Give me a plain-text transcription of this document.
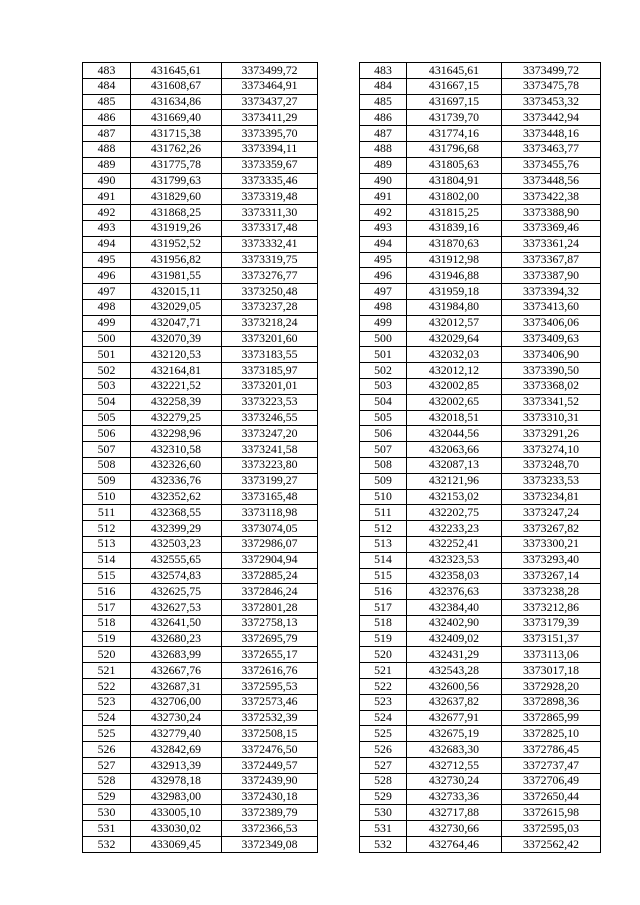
483	431645,61	3373499,72		483	431645,61	3373499,72
484	431608,67	3373464,91		484	431667,15	3373475,78
485	431634,86	3373437,27		485	431697,15	3373453,32
486	431669,40	3373411,29		486	431739,70	3373442,94
487	431715,38	3373395,70		487	431774,16	3373448,16
488	431762,26	3373394,11		488	431796,68	3373463,77
489	431775,78	3373359,67		489	431805,63	3373455,76
490	431799,63	3373335,46		490	431804,91	3373448,56
491	431829,60	3373319,48		491	431802,00	3373422,38
492	431868,25	3373311,30		492	431815,25	3373388,90
493	431919,26	3373317,48		493	431839,16	3373369,46
494	431952,52	3373332,41		494	431870,63	3373361,24
495	431956,82	3373319,75		495	431912,98	3373367,87
496	431981,55	3373276,77		496	431946,88	3373387,90
497	432015,11	3373250,48		497	431959,18	3373394,32
498	432029,05	3373237,28		498	431984,80	3373413,60
499	432047,71	3373218,24		499	432012,57	3373406,06
500	432070,39	3373201,60		500	432029,64	3373409,63
501	432120,53	3373183,55		501	432032,03	3373406,90
502	432164,81	3373185,97		502	432012,12	3373390,50
503	432221,52	3373201,01		503	432002,85	3373368,02
504	432258,39	3373223,53		504	432002,65	3373341,52
505	432279,25	3373246,55		505	432018,51	3373310,31
506	432298,96	3373247,20		506	432044,56	3373291,26
507	432310,58	3373241,58		507	432063,66	3373274,10
508	432326,60	3373223,80		508	432087,13	3373248,70
509	432336,76	3373199,27		509	432121,96	3373233,53
510	432352,62	3373165,48		510	432153,02	3373234,81
511	432368,55	3373118,98		511	432202,75	3373247,24
512	432399,29	3373074,05		512	432233,23	3373267,82
513	432503,23	3372986,07		513	432252,41	3373300,21
514	432555,65	3372904,94		514	432323,53	3373293,40
515	432574,83	3372885,24		515	432358,03	3373267,14
516	432625,75	3372846,24		516	432376,63	3373238,28
517	432627,53	3372801,28		517	432384,40	3373212,86
518	432641,50	3372758,13		518	432402,90	3373179,39
519	432680,23	3372695,79		519	432409,02	3373151,37
520	432683,99	3372655,17		520	432431,29	3373113,06
521	432667,76	3372616,76		521	432543,28	3373017,18
522	432687,31	3372595,53		522	432600,56	3372928,20
523	432706,00	3372573,46		523	432637,82	3372898,36
524	432730,24	3372532,39		524	432677,91	3372865,99
525	432779,40	3372508,15		525	432675,19	3372825,10
526	432842,69	3372476,50		526	432683,30	3372786,45
527	432913,39	3372449,57		527	432712,55	3372737,47
528	432978,18	3372439,90		528	432730,24	3372706,49
529	432983,00	3372430,18		529	432733,36	3372650,44
530	433005,10	3372389,79		530	432717,88	3372615,98
531	433030,02	3372366,53		531	432730,66	3372595,03
532	433069,45	3372349,08		532	432764,46	3372562,42
